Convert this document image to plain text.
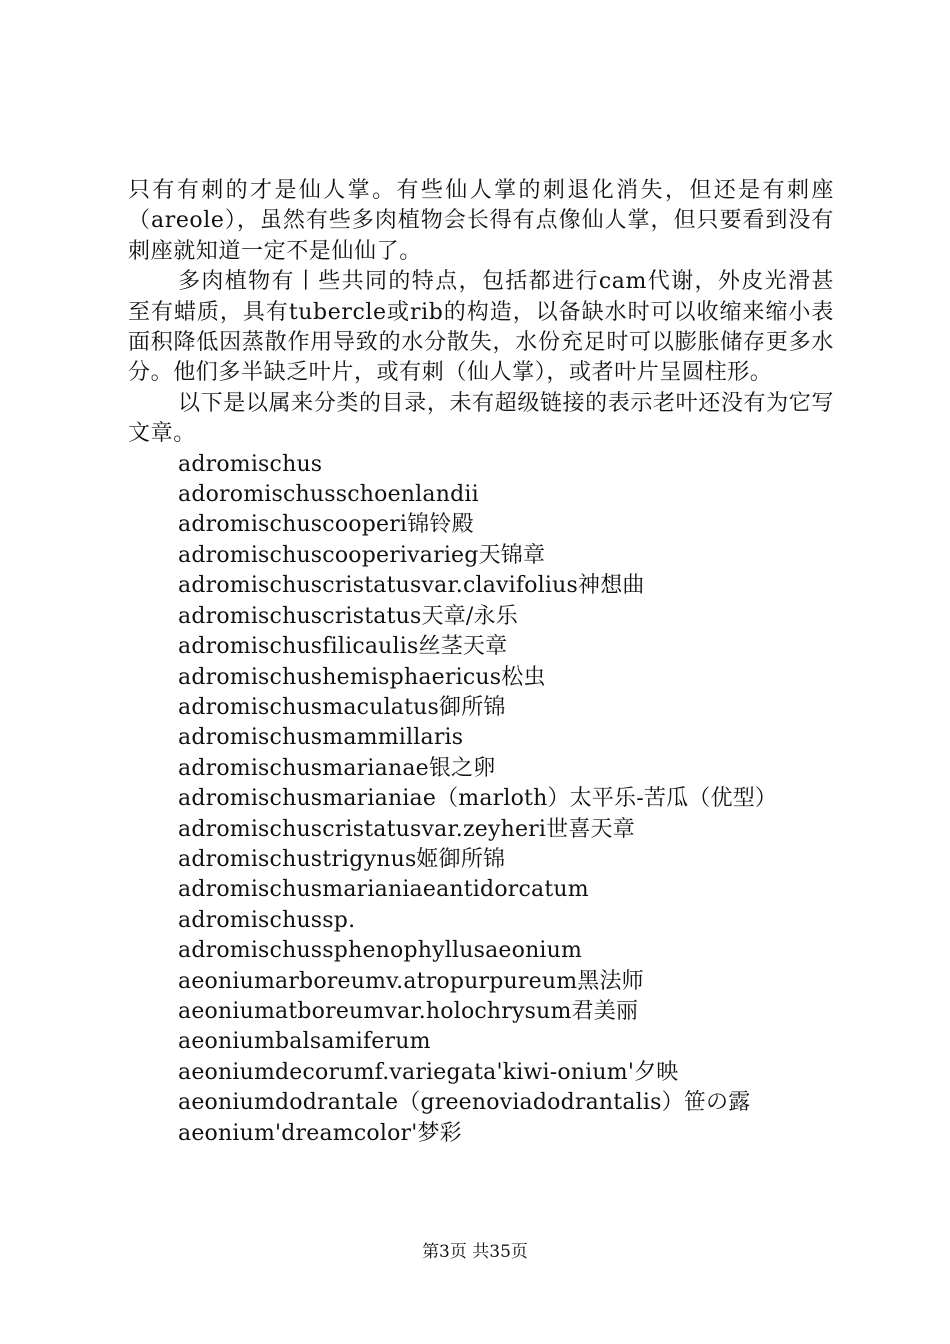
只有有刺的才是仙人掌。有些仙人掌的刺退化消失，但还是有刺座（areole），虽然有些多肉植物会长得有点像仙人掌，但只要看到没有刺座就知道一定不是仙仙了。

多肉植物有丨些共同的特点，包括都进行cam代谢，外皮光滑甚至有蜡质，具有tubercle或rib的构造，以备缺水时可以收缩来缩小表面积降低因蒸散作用导致的水分散失，水份充足时可以膨胀储存更多水分。他们多半缺乏叶片，或有刺（仙人掌），或者叶片呈圆柱形。

以下是以属来分类的目录，未有超级链接的表示老叶还没有为它写文章。

adromischus
adoromischusschoenlandii
adromischuscooperi锦铃殿
adromischuscooperivarieg天锦章
adromischuscristatusvar.clavifolius神想曲
adromischuscristatus天章/永乐
adromischusfilicaulis丝茎天章
adromischushemisphaericus松虫
adromischusmaculatus御所锦
adromischusmammillaris
adromischusmarianae银之卵
adromischusmarianiae（marloth）太平乐-苦瓜（优型）
adromischuscristatusvar.zeyheri世喜天章
adromischustrigynus姬御所锦
adromischusmarianiaeantidorcatum
adromischussp.
adromischussphenophyllusaeonium
aeoniumarboreumv.atropurpureum黑法师
aeoniumatboreumvar.holochrysum君美丽
aeoniumbalsamiferum
aeoniumdecorumf.variegata'kiwi-onium'夕映
aeoniumdodrantale（greenoviadodrantalis）笹の露
aeonium'dreamcolor'梦彩
第3页 共35页
